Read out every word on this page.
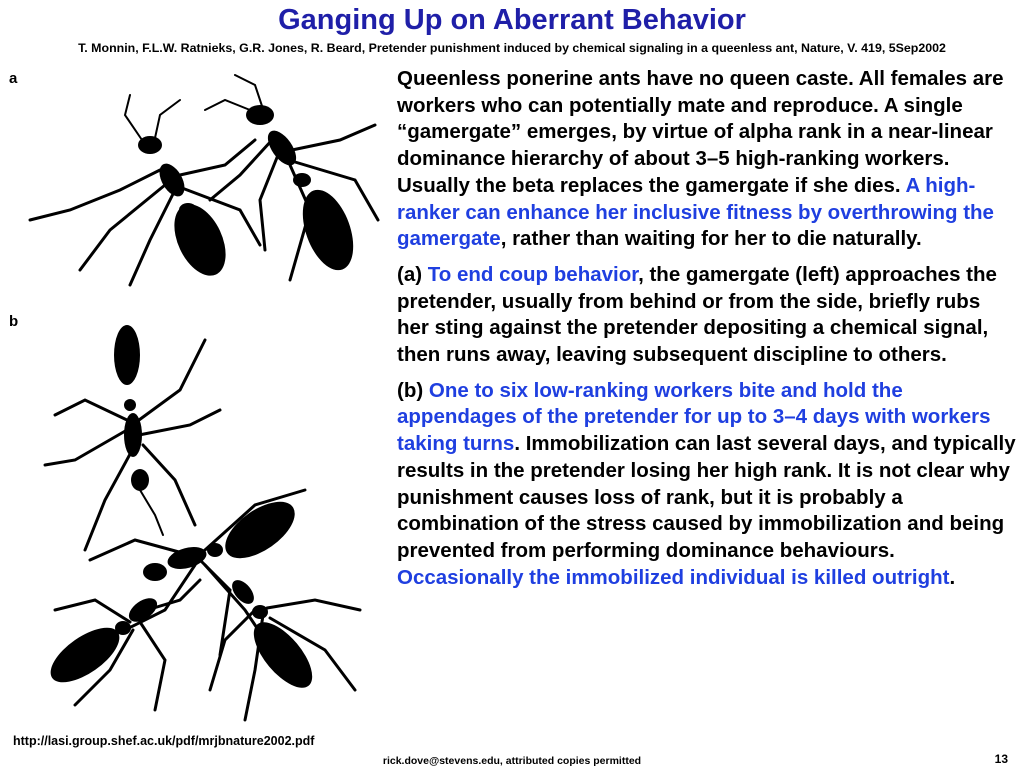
Ganging Up on Aberrant Behavior
T. Monnin, F.L.W. Ratnieks, G.R. Jones, R. Beard, Pretender punishment induced by chemical signaling in a queenless ant, Nature, V. 419, 5Sep2002
a
b

Queenless ponerine ants have no queen caste. All females are workers who can potentially mate and reproduce. A single “gamergate” emerges, by virtue of alpha rank in a near-linear dominance hierarchy of about 3–5 high-ranking workers. Usually the beta replaces the gamergate if she dies. A high-ranker can enhance her inclusive fitness by overthrowing the gamergate, rather than waiting for her to die naturally.

(a) To end coup behavior, the gamergate (left) approaches the pretender, usually from behind or from the side, briefly rubs her sting against the pretender depositing a chemical signal, then runs away, leaving subsequent discipline to others.

(b) One to six low-ranking workers bite and hold the appendages of the pretender for up to 3–4 days with workers taking turns. Immobilization can last several days, and typically results in the pretender losing her high rank. It is not clear why punishment causes loss of rank, but it is probably a combination of the stress caused by immobilization and being prevented from performing dominance behaviours. Occasionally the immobilized individual is killed outright.

http://lasi.group.shef.ac.uk/pdf/mrjbnature2002.pdf
rick.dove@stevens.edu, attributed copies permitted	13
